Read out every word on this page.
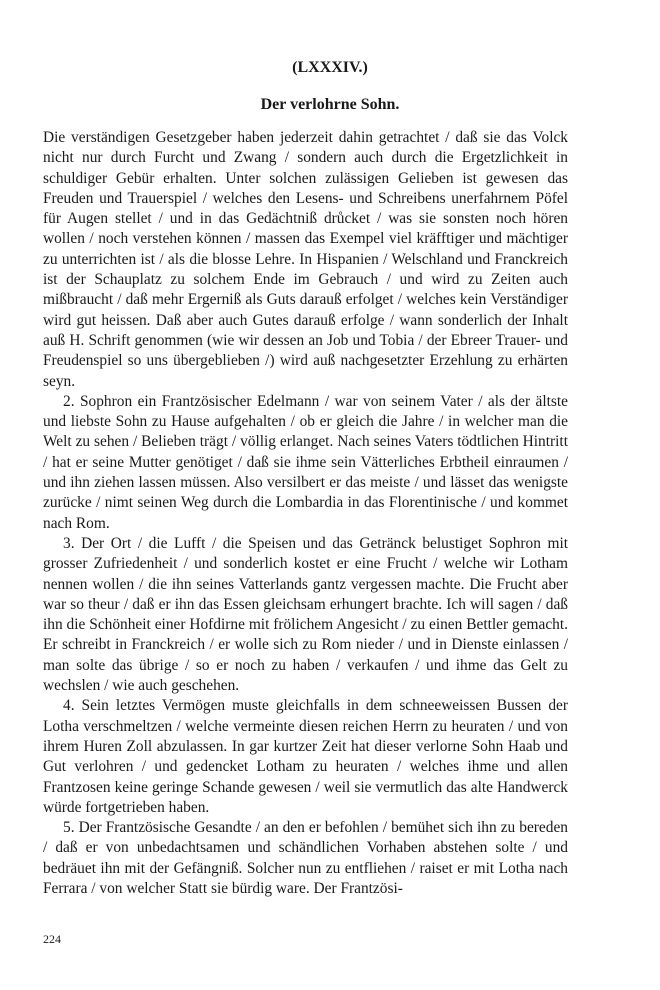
(LXXXIV.)
Der verlohrne Sohn.

Die verständigen Gesetzgeber haben jederzeit dahin getrachtet / daß sie das Volck nicht nur durch Furcht und Zwang / sondern auch durch die Ergetzlichkeit in schuldiger Gebür erhalten. Unter solchen zulässigen Gelieben ist gewesen das Freuden und Trauerspiel / welches den Lesens- und Schreibens unerfahrnem Pöfel für Augen stellet / und in das Gedächtniß drůcket / was sie sonsten noch hören wollen / noch verstehen können / massen das Exempel viel kräfftiger und mächtiger zu unterrichten ist / als die blosse Lehre. In Hispanien / Welschland und Franckreich ist der Schauplatz zu solchem Ende im Gebrauch / und wird zu Zeiten auch mißbraucht / daß mehr Ergerniß als Guts darauß erfolget / welches kein Verständiger wird gut heissen. Daß aber auch Gutes darauß erfolge / wann sonderlich der Inhalt auß H. Schrift genommen (wie wir dessen an Job und Tobia / der Ebreer Trauer- und Freudenspiel so uns übergeblieben /) wird auß nachgesetzter Erzehlung zu erhärten seyn.

2. Sophron ein Frantzösischer Edelmann / war von seinem Vater / als der ältste und liebste Sohn zu Hause aufgehalten / ob er gleich die Jahre / in welcher man die Welt zu sehen / Belieben trägt / völlig erlanget. Nach seines Vaters tödtlichen Hintritt / hat er seine Mutter genötiget / daß sie ihme sein Vätterliches Erbtheil einraumen / und ihn ziehen lassen müssen. Also versilbert er das meiste / und lässet das wenigste zurücke / nimt seinen Weg durch die Lombardia in das Florentinische / und kommet nach Rom.

3. Der Ort / die Lufft / die Speisen und das Getränck belustiget Sophron mit grosser Zufriedenheit / und sonderlich kostet er eine Frucht / welche wir Lotham nennen wollen / die ihn seines Vatterlands gantz vergessen machte. Die Frucht aber war so theur / daß er ihn das Essen gleichsam erhungert brachte. Ich will sagen / daß ihn die Schönheit einer Hofdirne mit frölichem Angesicht / zu einen Bettler gemacht. Er schreibt in Franckreich / er wolle sich zu Rom nieder / und in Dienste einlassen / man solte das übrige / so er noch zu haben / verkaufen / und ihme das Gelt zu wechslen / wie auch geschehen.

4. Sein letztes Vermögen muste gleichfalls in dem schneeweissen Bussen der Lotha verschmeltzen / welche vermeinte diesen reichen Herrn zu heuraten / und von ihrem Huren Zoll abzulassen. In gar kurtzer Zeit hat dieser verlorne Sohn Haab und Gut verlohren / und gedencket Lotham zu heuraten / welches ihme und allen Frantzosen keine geringe Schande gewesen / weil sie vermutlich das alte Handwerck würde fortgetrieben haben.

5. Der Frantzösische Gesandte / an den er befohlen / bemühet sich ihn zu bereden / daß er von unbedachtsamen und schändlichen Vorhaben abstehen solte / und bedräuet ihn mit der Gefängniß. Solcher nun zu entfliehen / raiset er mit Lotha nach Ferrara / von welcher Statt sie bürdig ware. Der Frantzösi-

224
